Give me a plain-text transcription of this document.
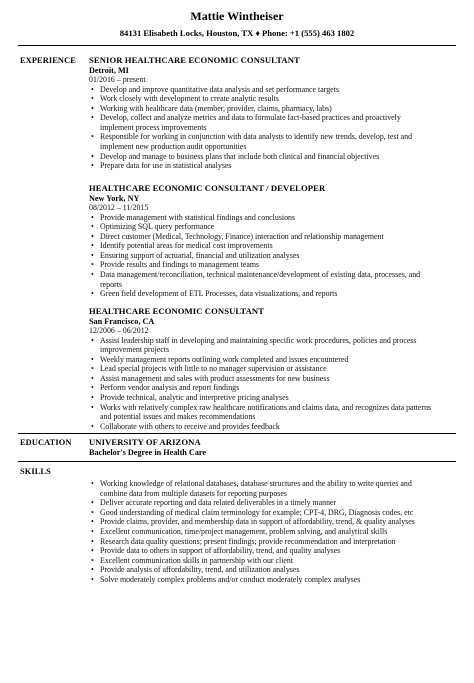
Mattie Wintheiser
84131 Elisabeth Locks, Houston, TX ♦ Phone: +1 (555) 463 1802
EXPERIENCE SENIOR HEALTHCARE ECONOMIC CONSULTANT
Detroit, MI
01/2016 – present
• Develop and improve quantitative data analysis and set performance targets
• Work closely with development to create analytic results
• Working with healthcare data (member, provider, claims, pharmacy, labs)
• Develop, collect and analyze metrics and data to formulate fact-based practices and proactively
implement process improvements
• Responsible for working in conjunction with data analysts to identify new trends, develop, test and
implement new production audit opportunities
• Develop and manage to business plans that include both clinical and financial objectives
• Prepare data for use in statistical analyses
HEALTHCARE ECONOMIC CONSULTANT / DEVELOPER
New York, NY
08/2012 – 11/2015
• Provide management with statistical findings and conclusions
• Optimizing SQL query performance
• Direct customer (Medical, Technology, Finance) interaction and relationship management
• Identify potential areas for medical cost improvements
• Ensuring support of actuarial, financial and utilization analyses
• Provide results and findings to management teams
• Data management/reconciliation, technical maintenance/development of existing data, processes, and
reports
• Green field development of ETL Processes, data visualizations, and reports
HEALTHCARE ECONOMIC CONSULTANT
San Francisco, CA
12/2006 – 06/2012
• Assist leadership staff in developing and maintaining specific work procedures, policies and process
improvement projects
• Weekly management reports outlining work completed and issues encountered
• Lead special projects with little to no manager supervision or assistance
• Assist management and sales with product assessments for new business
• Perform vendor analysis and report findings
• Provide technical, analytic and interpretive pricing analyses
• Works with relatively complex raw healthcare notifications and claims data, and recognizes data patterns
and potential issues and makes recommendations
• Collaborate with others to receive and provides feedback
EDUCATION UNIVERSITY OF ARIZONA
Bachelor's Degree in Health Care
SKILLS
• Working knowledge of relational databases, database structures and the ability to write queries and
combine data from multiple datasets for reporting purposes
• Deliver accurate reporting and data related deliverables in a timely manner
• Good understanding of medical claim terminology for example; CPT-4, DRG, Diagnosis codes, etc
• Provide claims, provider, and membership data in support of affordability, trend, & quality analyses
• Excellent communication, time/project management, problem solving, and analytical skills
• Research data quality questions; present findings; provide recommendation and interpretation
• Provide data to others in support of affordability, trend, and quality analyses
• Excellent communication skills in partnership with our client
• Provide analysis of affordability, trend, and utilization analyses
• Solve moderately complex problems and/or conduct moderately complex analyses
